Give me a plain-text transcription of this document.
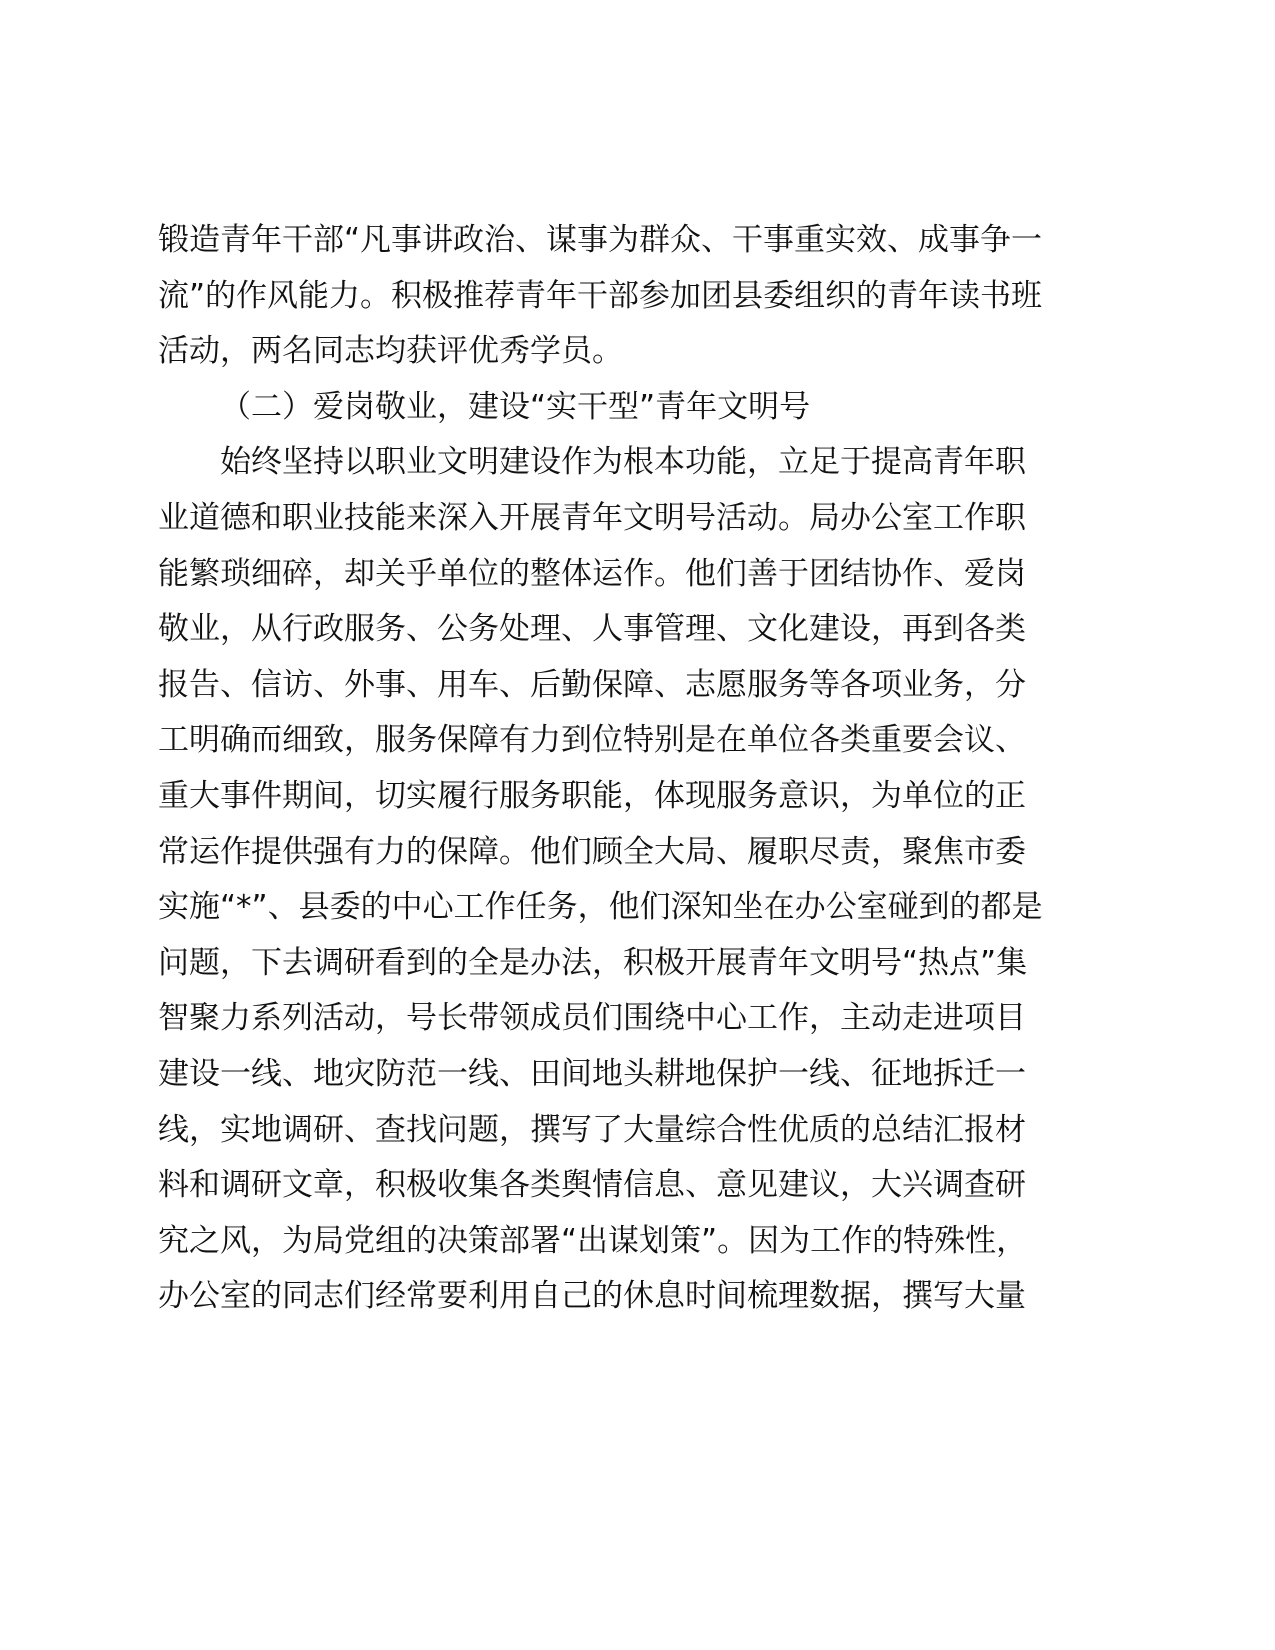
锻造青年干部“凡事讲政治、谋事为群众、干事重实效、成事争一
流”的作风能力。积极推荐青年干部参加团县委组织的青年读书班
活动，两名同志均获评优秀学员。
（二）爱岗敬业，建设“实干型”青年文明号
始终坚持以职业文明建设作为根本功能，立足于提高青年职
业道德和职业技能来深入开展青年文明号活动。局办公室工作职
能繁琐细碎，却关乎单位的整体运作。他们善于团结协作、爱岗
敬业，从行政服务、公务处理、人事管理、文化建设，再到各类
报告、信访、外事、用车、后勤保障、志愿服务等各项业务，分
工明确而细致，服务保障有力到位特别是在单位各类重要会议、
重大事件期间，切实履行服务职能，体现服务意识，为单位的正
常运作提供强有力的保障。他们顾全大局、履职尽责，聚焦市委
实施“*”、县委的中心工作任务，他们深知坐在办公室碰到的都是
问题，下去调研看到的全是办法，积极开展青年文明号“热点”集
智聚力系列活动，号长带领成员们围绕中心工作，主动走进项目
建设一线、地灾防范一线、田间地头耕地保护一线、征地拆迁一
线，实地调研、查找问题，撰写了大量综合性优质的总结汇报材
料和调研文章，积极收集各类舆情信息、意见建议，大兴调查研
究之风，为局党组的决策部署“出谋划策”。因为工作的特殊性，
办公室的同志们经常要利用自己的休息时间梳理数据，撰写大量
